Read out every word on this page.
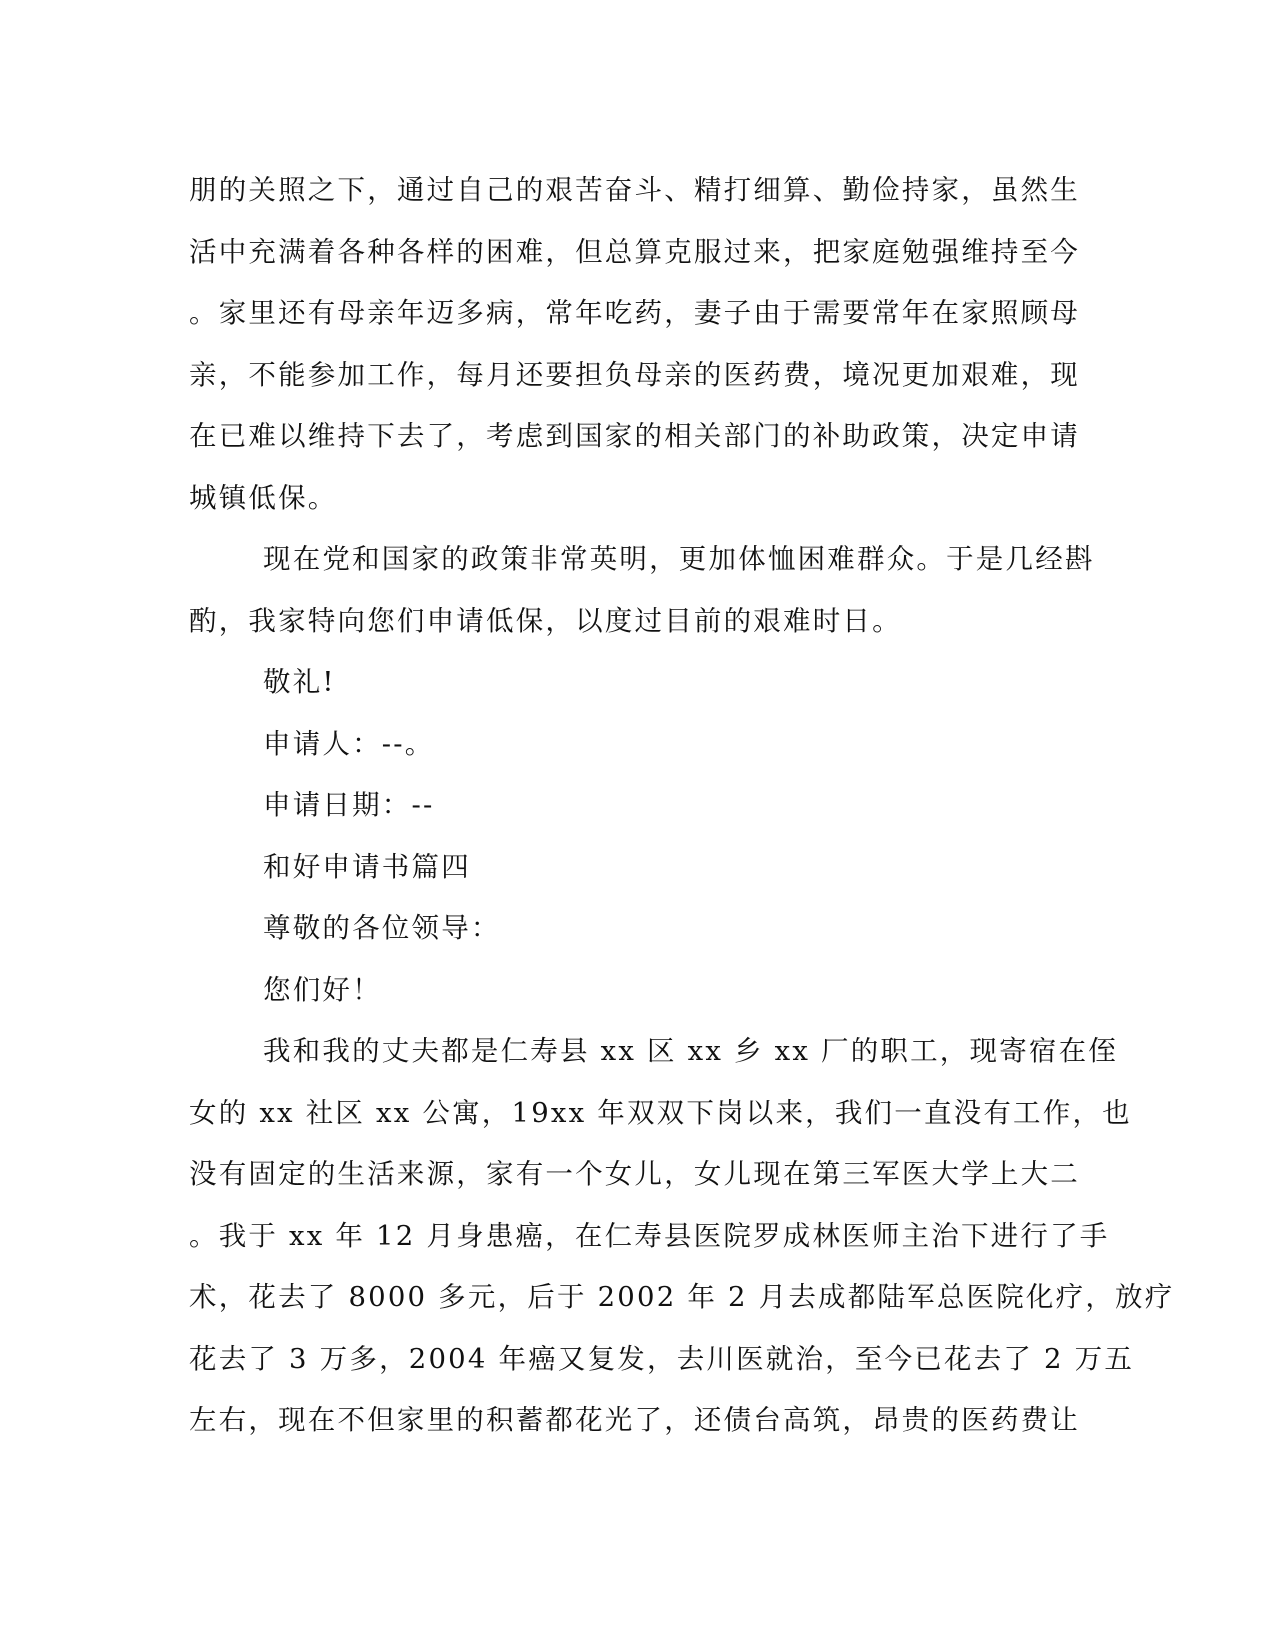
朋的关照之下，通过自己的艰苦奋斗、精打细算、勤俭持家，虽然生
活中充满着各种各样的困难，但总算克服过来，把家庭勉强维持至今
。家里还有母亲年迈多病，常年吃药，妻子由于需要常年在家照顾母
亲，不能参加工作，每月还要担负母亲的医药费，境况更加艰难，现
在已难以维持下去了，考虑到国家的相关部门的补助政策，决定申请
城镇低保。
现在党和国家的政策非常英明，更加体恤困难群众。于是几经斟
酌，我家特向您们申请低保，以度过目前的艰难时日。
敬礼!
申请人：--。
申请日期：--
和好申请书篇四
尊敬的各位领导：
您们好！
我和我的丈夫都是仁寿县 xx 区 xx 乡 xx 厂的职工，现寄宿在侄
女的 xx 社区 xx 公寓，19xx 年双双下岗以来，我们一直没有工作，也
没有固定的生活来源，家有一个女儿，女儿现在第三军医大学上大二
。我于 xx 年 12 月身患癌，在仁寿县医院罗成林医师主治下进行了手
术，花去了 8000 多元，后于 2002 年 2 月去成都陆军总医院化疗，放疗
花去了 3 万多，2004 年癌又复发，去川医就治，至今已花去了 2 万五
左右，现在不但家里的积蓄都花光了，还债台高筑，昂贵的医药费让
